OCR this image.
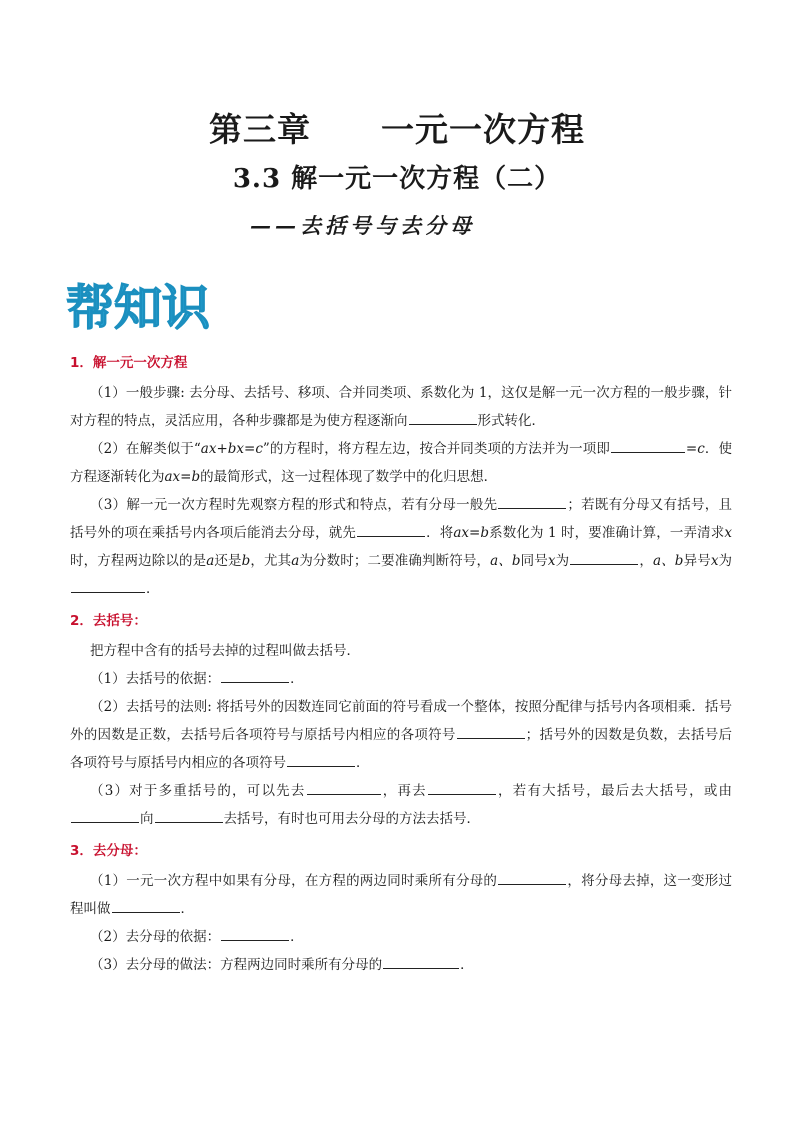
第三章 一元一次方程
3.3 解一元一次方程（二）
——去括号与去分母
帮知识
1．解一元一次方程

（1）一般步骤: 去分母、去括号、移项、合并同类项、系数化为 1，这仅是解一元一次方程的一般步骤，针对方程的特点，灵活应用，各种步骤都是为使方程逐渐向	形式转化．

（2）在解类似于“ax+bx=c”的方程时，将方程左边，按合并同类项的方法并为一项即	=c．使方程逐渐转化为ax=b的最简形式，这一过程体现了数学中的化归思想．

（3）解一元一次方程时先观察方程的形式和特点，若有分母一般先	；若既有分母又有括号，且括号外的项在乘括号内各项后能消去分母，就先	．将ax=b系数化为 1 时，要准确计算，一弄清求x时，方程两边除以的是a还是b，尤其a为分数时；二要准确判断符号，a、b同号x为	，a、b异号x为．

2．去括号：

把方程中含有的括号去掉的过程叫做去括号．

（1）去括号的依据：	．

（2）去括号的法则: 将括号外的因数连同它前面的符号看成一个整体，按照分配律与括号内各项相乘．括号外的因数是正数，去括号后各项符号与原括号内相应的各项符号	；括号外的因数是负数，去括号后各项符号与原括号内相应的各项符号	．

（3）对于多重括号的，可以先去	，再去	，若有大括号，最后去大括号，或由向	去括号，有时也可用去分母的方法去括号．

3．去分母：

（1）一元一次方程中如果有分母，在方程的两边同时乘所有分母的	，将分母去掉，这一变形过程叫做	．

（2）去分母的依据：	．

（3）去分母的做法：方程两边同时乘所有分母的	．
